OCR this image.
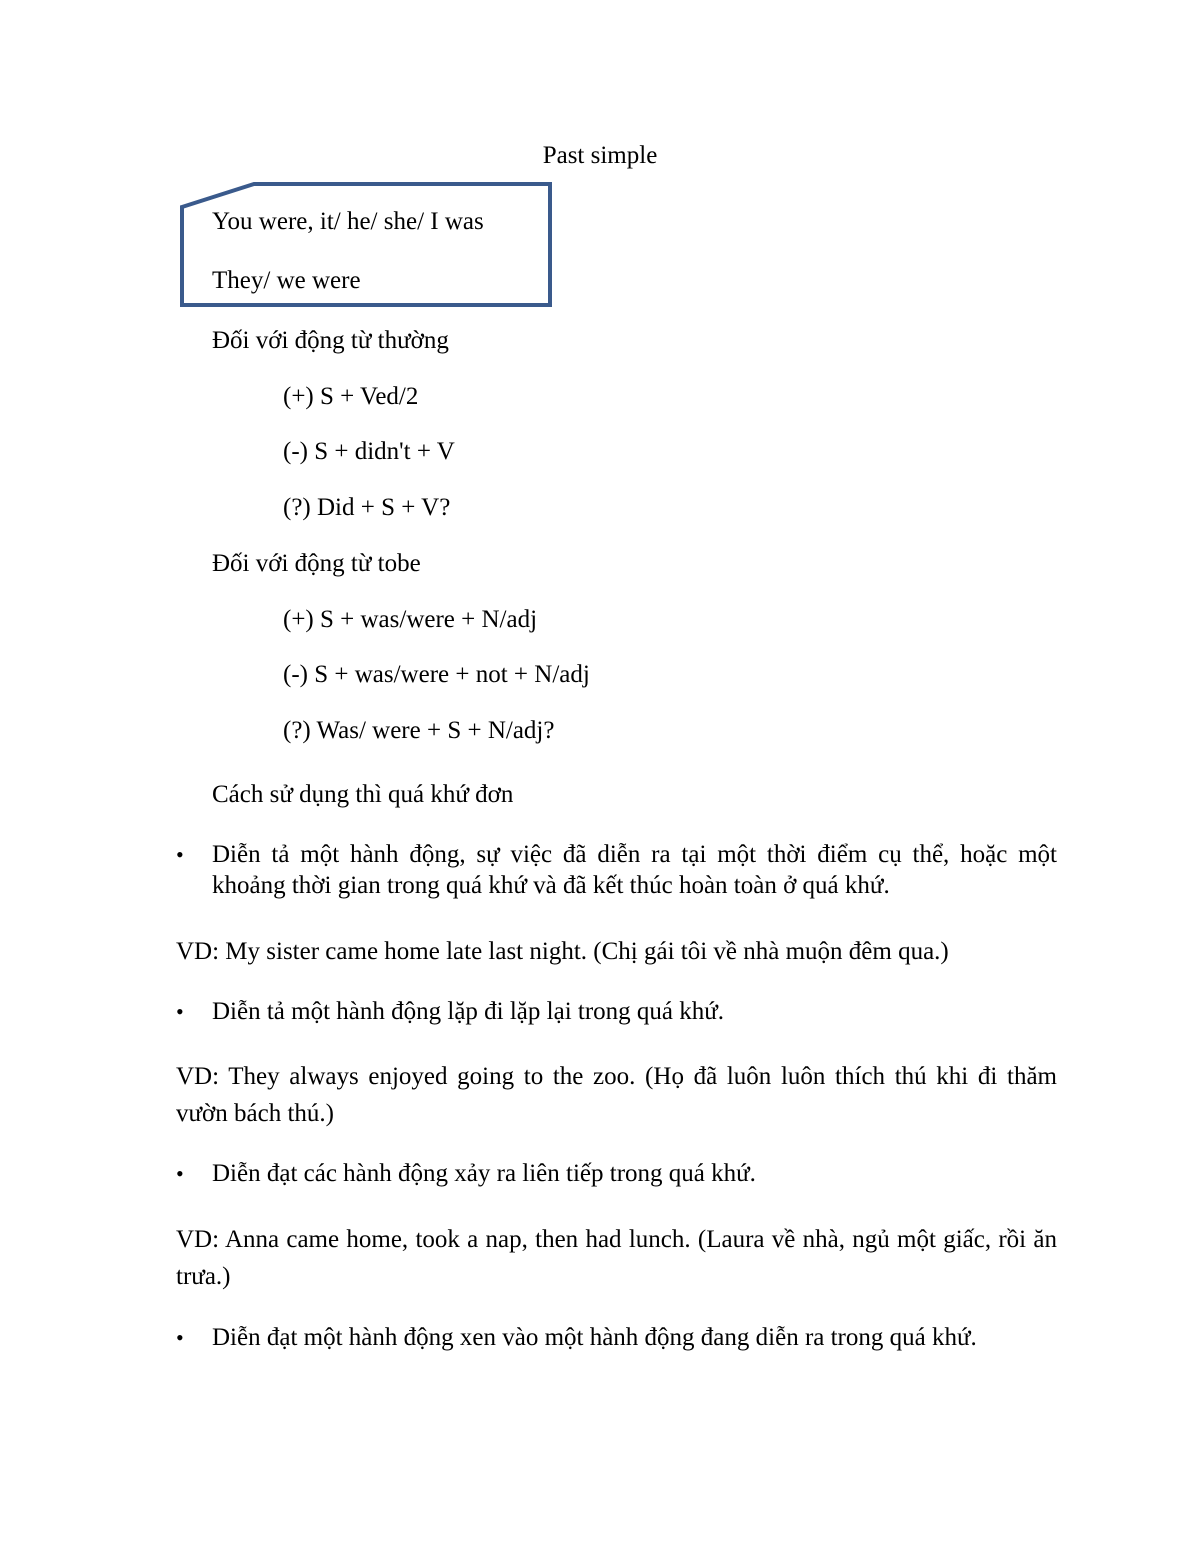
Past simple
You were, it/ he/ she/ I was
They/ we were
Đối với động từ thường
(+) S + Ved/2
(-) S + didn't + V
(?) Did + S + V?
Đối với động từ tobe
(+) S + was/were + N/adj
(-) S + was/were + not + N/adj
(?) Was/ were + S + N/adj?
Cách sử dụng thì quá khứ đơn
• Diễn tả một hành động, sự việc đã diễn ra tại một thời điểm cụ thể, hoặc một khoảng thời gian trong quá khứ và đã kết thúc hoàn toàn ở quá khứ.
VD: My sister came home late last night. (Chị gái tôi về nhà muộn đêm qua.)
• Diễn tả một hành động lặp đi lặp lại trong quá khứ.
VD: They always enjoyed going to the zoo. (Họ đã luôn luôn thích thú khi đi thăm vườn bách thú.)
• Diễn đạt các hành động xảy ra liên tiếp trong quá khứ.
VD: Anna came home, took a nap, then had lunch. (Laura về nhà, ngủ một giấc, rồi ăn trưa.)
• Diễn đạt một hành động xen vào một hành động đang diễn ra trong quá khứ.
